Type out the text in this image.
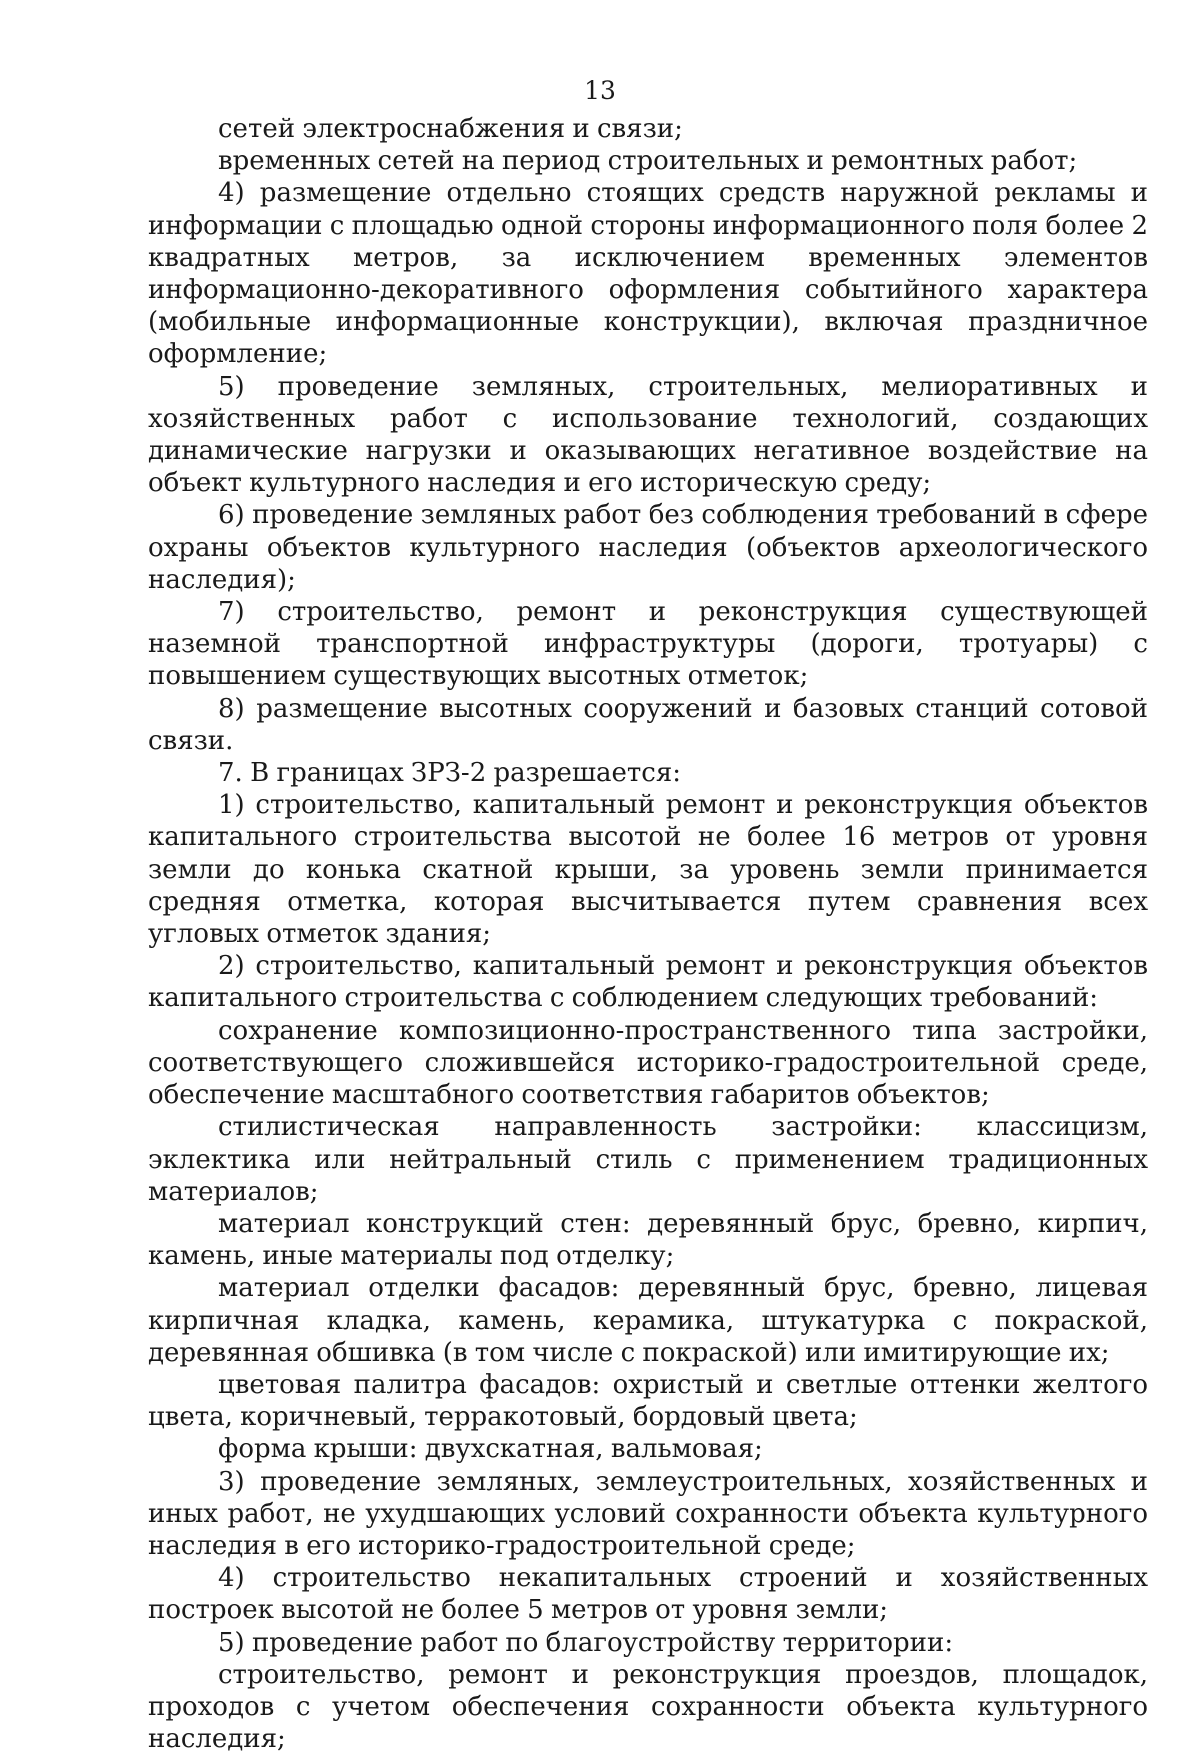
13

сетей электроснабжения и связи;

временных сетей на период строительных и ремонтных работ;

4) размещение отдельно стоящих средств наружной рекламы и информации с площадью одной стороны информационного поля более 2 квадратных метров, за исключением временных элементов информационно-декоративного оформления событийного характера (мобильные информационные конструкции), включая праздничное оформление;

5) проведение земляных, строительных, мелиоративных и хозяйственных работ с использование технологий, создающих динамические нагрузки и оказывающих негативное воздействие на объект культурного наследия и его историческую среду;

6) проведение земляных работ без соблюдения требований в сфере охраны объектов культурного наследия (объектов археологического наследия);

7) строительство, ремонт и реконструкция существующей наземной транспортной инфраструктуры (дороги, тротуары) с повышением существующих высотных отметок;

8) размещение высотных сооружений и базовых станций сотовой связи.

7. В границах ЗРЗ-2 разрешается:

1) строительство, капитальный ремонт и реконструкция объектов капитального строительства высотой не более 16 метров от уровня земли до конька скатной крыши, за уровень земли принимается средняя отметка, которая высчитывается путем сравнения всех угловых отметок здания;

2) строительство, капитальный ремонт и реконструкция объектов капитального строительства с соблюдением следующих требований:

сохранение композиционно-пространственного типа застройки, соответствующего сложившейся историко-градостроительной среде, обеспечение масштабного соответствия габаритов объектов;

стилистическая направленность застройки: классицизм, эклектика или нейтральный стиль с применением традиционных материалов;

материал конструкций стен: деревянный брус, бревно, кирпич, камень, иные материалы под отделку;

материал отделки фасадов: деревянный брус, бревно, лицевая кирпичная кладка, камень, керамика, штукатурка с покраской, деревянная обшивка (в том числе с покраской) или имитирующие их;

цветовая палитра фасадов: охристый и светлые оттенки желтого цвета, коричневый, терракотовый, бордовый цвета;

форма крыши: двухскатная, вальмовая;

3) проведение земляных, землеустроительных, хозяйственных и иных работ, не ухудшающих условий сохранности объекта культурного наследия в его историко-градостроительной среде;

4) строительство некапитальных строений и хозяйственных построек высотой не более 5 метров от уровня земли;

5) проведение работ по благоустройству территории:

строительство, ремонт и реконструкция проездов, площадок, проходов с учетом обеспечения сохранности объекта культурного наследия;
